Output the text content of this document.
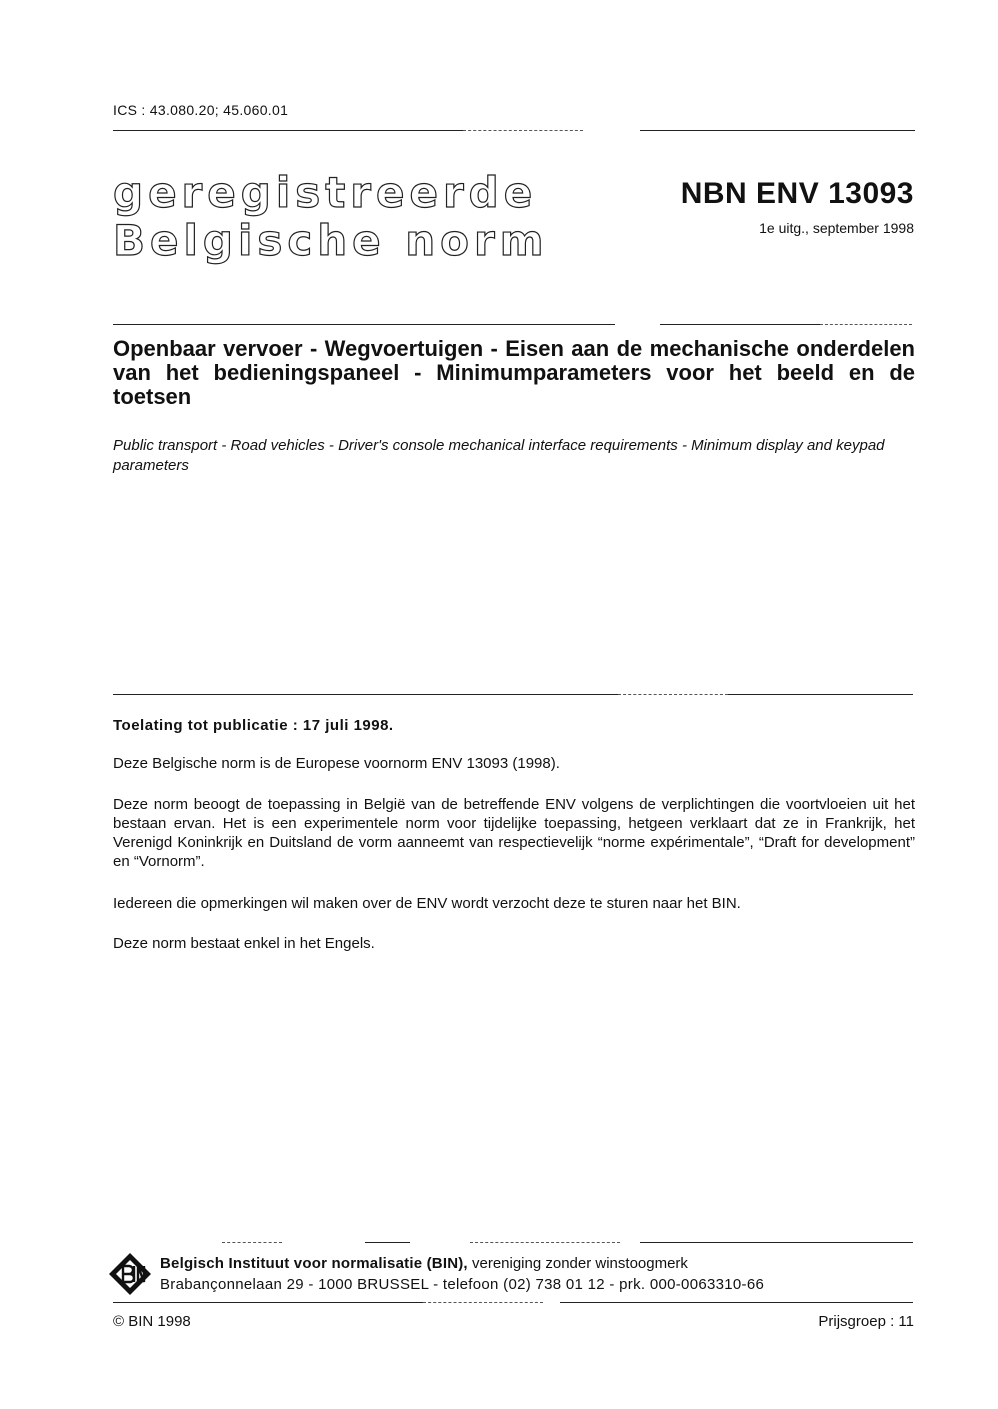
ICS : 43.080.20; 45.060.01
geregistreerde
Belgische norm
NBN ENV 13093
1e uitg., september 1998
Openbaar vervoer - Wegvoertuigen - Eisen aan de mechanische onderdelen van het bedieningspaneel - Minimumparameters voor het beeld en de toetsen
Public transport - Road vehicles - Driver's console mechanical interface requirements - Minimum display and keypad parameters
Toelating tot publicatie : 17 juli 1998.
Deze Belgische norm is de Europese voornorm ENV 13093 (1998).
Deze norm beoogt de toepassing in België van de betreffende ENV volgens de verplichtingen die voortvloeien uit het bestaan ervan. Het is een experimentele norm voor tijdelijke toepassing, hetgeen verklaart dat ze in Frankrijk, het Verenigd Koninkrijk en Duitsland de vorm aanneemt van respectievelijk “norme expérimentale”, “Draft for development” en “Vornorm”.
Iedereen die opmerkingen wil maken over de ENV wordt verzocht deze te sturen naar het BIN.
Deze norm bestaat enkel in het Engels.
Belgisch Instituut voor normalisatie (BIN), vereniging zonder winstoogmerk
Brabançonnelaan 29 - 1000 BRUSSEL - telefoon (02) 738 01 12 - prk. 000-0063310-66
© BIN 1998	Prijsgroep : 11
